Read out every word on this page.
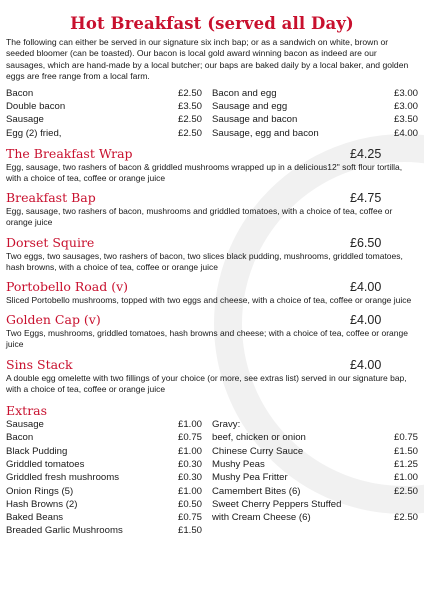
Hot Breakfast (served all Day)

The following can either be served in our signature six inch bap; or as a sandwich on white, brown or seeded bloomer (can be toasted). Our bacon is local gold award winning bacon as indeed are our sausages, which are hand-made by a local butcher; our baps are baked daily by a local baker, and golden eggs are free range from a local farm.

Bacon	£2.50
Double bacon	£3.50
Sausage	£2.50
Egg (2) fried,	£2.50
Bacon and egg	£3.00
Sausage and egg	£3.00
Sausage and bacon	£3.50
Sausage, egg and bacon	£4.00
The Breakfast Wrap	£4.25
Egg, sausage, two rashers of bacon & griddled mushrooms wrapped up in a delicious12" soft flour tortilla, with a choice of tea, coffee or orange juice
Breakfast Bap	£4.75
Egg, sausage, two rashers of bacon, mushrooms and griddled tomatoes, with a choice of tea, coffee or orange juice
Dorset Squire	£6.50
Two eggs, two sausages, two rashers of bacon, two slices black pudding, mushrooms, griddled tomatoes, hash browns, with a choice of tea, coffee or orange juice
Portobello Road (v)	£4.00
Sliced Portobello mushrooms, topped with two eggs and cheese, with a choice of tea, coffee or orange juice
Golden Cap (v)	£4.00
Two Eggs, mushrooms, griddled tomatoes, hash browns and cheese; with a choice of tea, coffee or orange juice
Sins Stack	£4.00
A double egg omelette with two fillings of your choice (or more, see extras list) served in our signature bap, with a choice of tea, coffee or orange juice
Extras
Sausage	£1.00
Bacon	£0.75
Black Pudding	£1.00
Griddled tomatoes	£0.30
Griddled fresh mushrooms	£0.30
Onion Rings (5)	£1.00
Hash Browns (2)	£0.50
Baked Beans	£0.75
Breaded Garlic Mushrooms	£1.50
Gravy:
beef, chicken or onion	£0.75
Chinese Curry Sauce	£1.50
Mushy Peas	£1.25
Mushy Pea Fritter	£1.00
Camembert Bites (6)	£2.50
Sweet Cherry Peppers Stuffed
with Cream Cheese (6)	£2.50
